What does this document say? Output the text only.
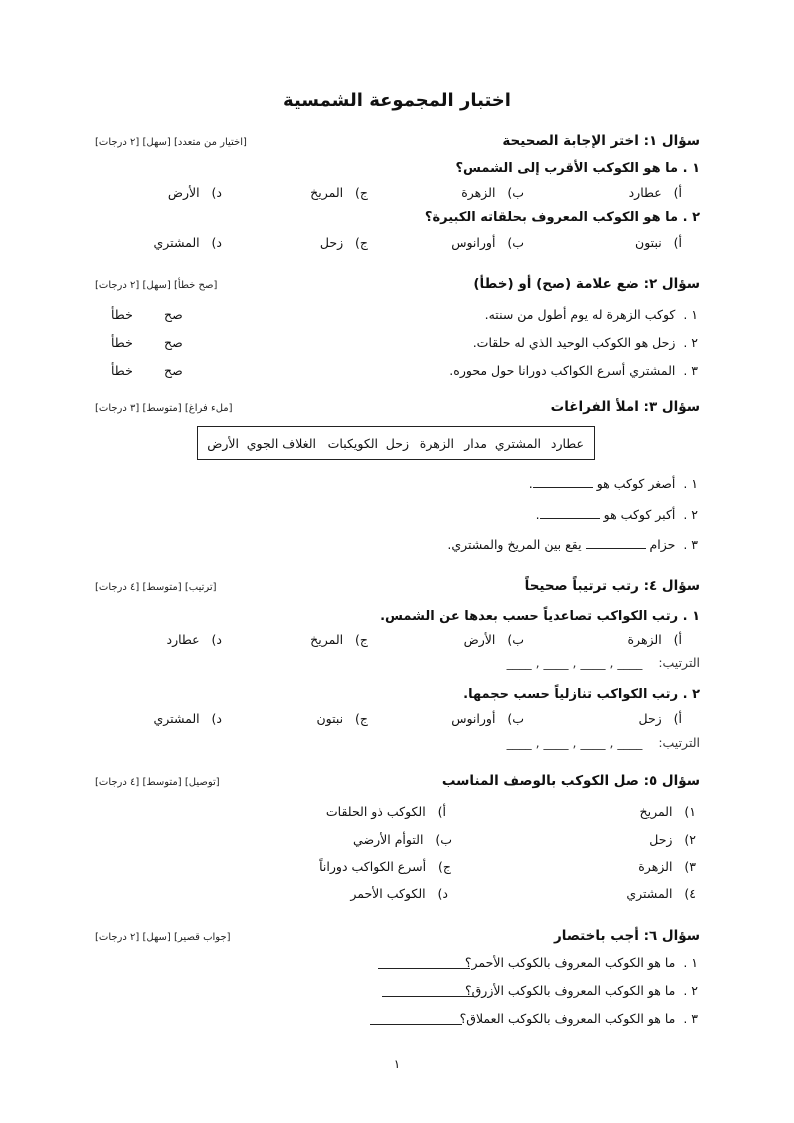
اختبار المجموعة الشمسية
سؤال ١: اختر الإجابة الصحيحة
[اختيار من متعدد] [سهل] [٢ درجات]
١ . ما هو الكوكب الأقرب إلى الشمس؟
أ)   عطارد
ب)   الزهرة
ج)   المريخ
د)   الأرض
٢ . ما هو الكوكب المعروف بحلقاته الكبيرة؟
أ)   نبتون
ب)   أورانوس
ج)   زحل
د)   المشتري
سؤال ٢: ضع علامة (صح) أو (خطأ)
[صح خطأ] [سهل] [٢ درجات]
١ .  كوكب الزهرة له يوم أطول من سنته.
صح
خطأ
٢ .  زحل هو الكوكب الوحيد الذي له حلقات.
صح
خطأ
٣ .  المشتري أسرع الكواكب دورانا حول محوره.
صح
خطأ
سؤال ٣: املأ الفراغات
[ملء فراغ] [متوسط] [٣ درجات]
عطارد
المشتري
مدار
الزهرة
زحل
الكويكبات
الغلاف الجوي
الأرض
١ .  أصغر كوكب هو .
٢ .  أكبر كوكب هو .
٣ .  حزام  يقع بين المريخ والمشتري.
سؤال ٤: رتب ترتيباً صحيحاً
[ترتيب] [متوسط] [٤ درجات]
١ . رتب الكواكب تصاعدياً حسب بعدها عن الشمس.
أ)   الزهرة
ب)   الأرض
ج)   المريخ
د)   عطارد
الترتيب:    ____ , ____ , ____ , ____
٢ . رتب الكواكب تنازلياً حسب حجمها.
أ)   زحل
ب)   أورانوس
ج)   نبتون
د)   المشتري
الترتيب:    ____ , ____ , ____ , ____
سؤال ٥: صل الكوكب بالوصف المناسب
[توصيل] [متوسط] [٤ درجات]
١)   المريخ
٢)   زحل
٣)   الزهرة
٤)   المشتري
أ)   الكوكب ذو الحلقات
ب)   التوأم الأرضي
ج)   أسرع الكواكب دوراناً
د)   الكوكب الأحمر
سؤال ٦: أجب باختصار
[جواب قصير] [سهل] [٢ درجات]
١ .  ما هو الكوكب المعروف بالكوكب الأحمر؟
٢ .  ما هو الكوكب المعروف بالكوكب الأزرق؟
٣ .  ما هو الكوكب المعروف بالكوكب العملاق؟
١
